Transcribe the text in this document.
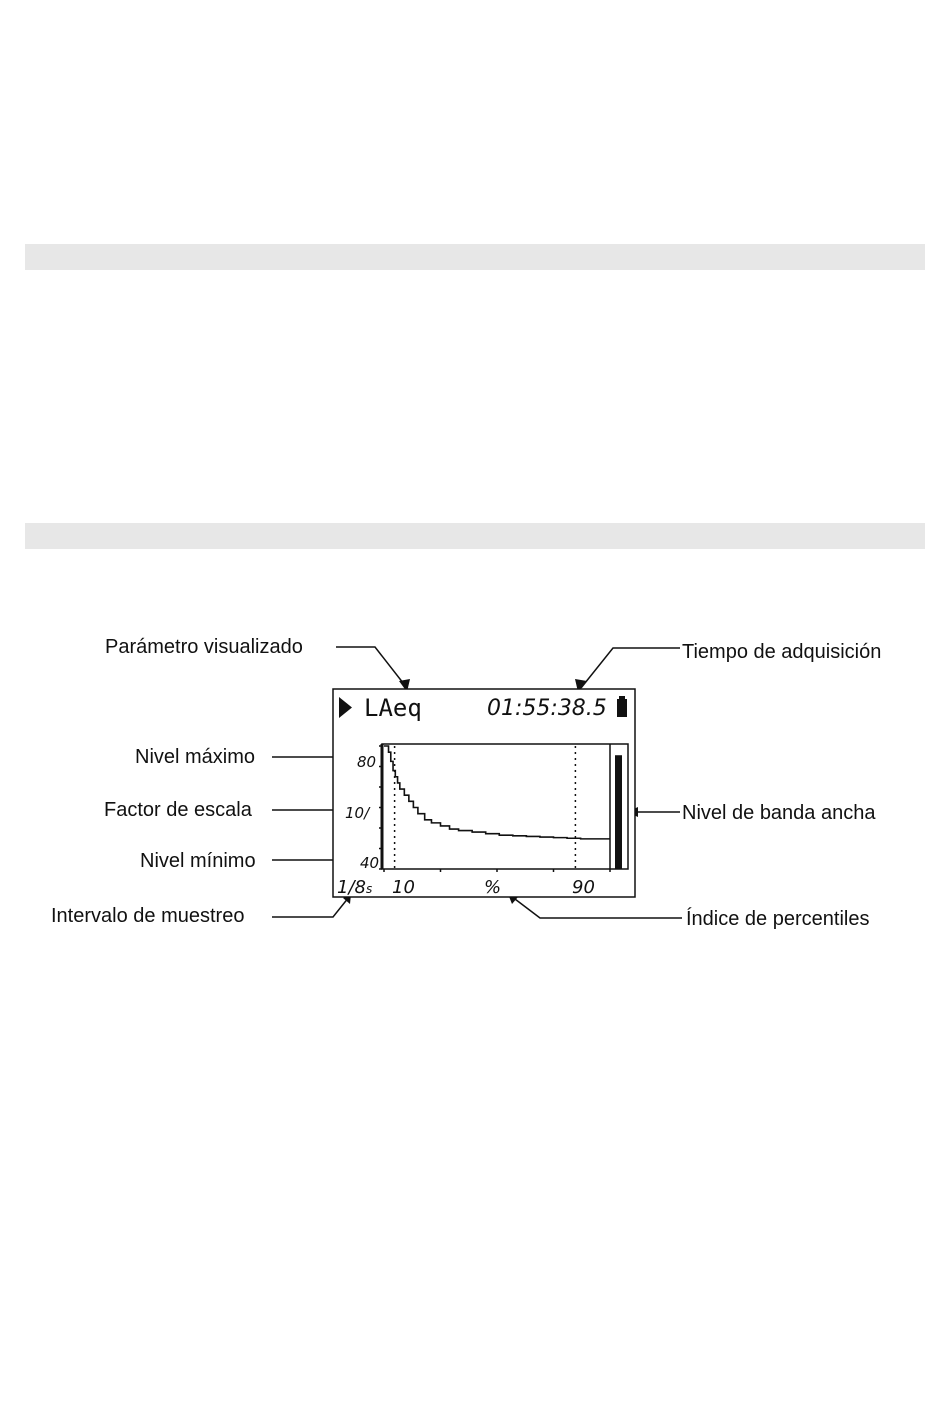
Parámetro visualizado	Tiempo de adquisición
Nivel máximo
Factor de escala
Nivel mínimo
Nivel de banda ancha
Intervalo de muestreo	Índice de percentiles
LAeq	01:55:38.5
80
10/
40
1/8s 10	%	90
